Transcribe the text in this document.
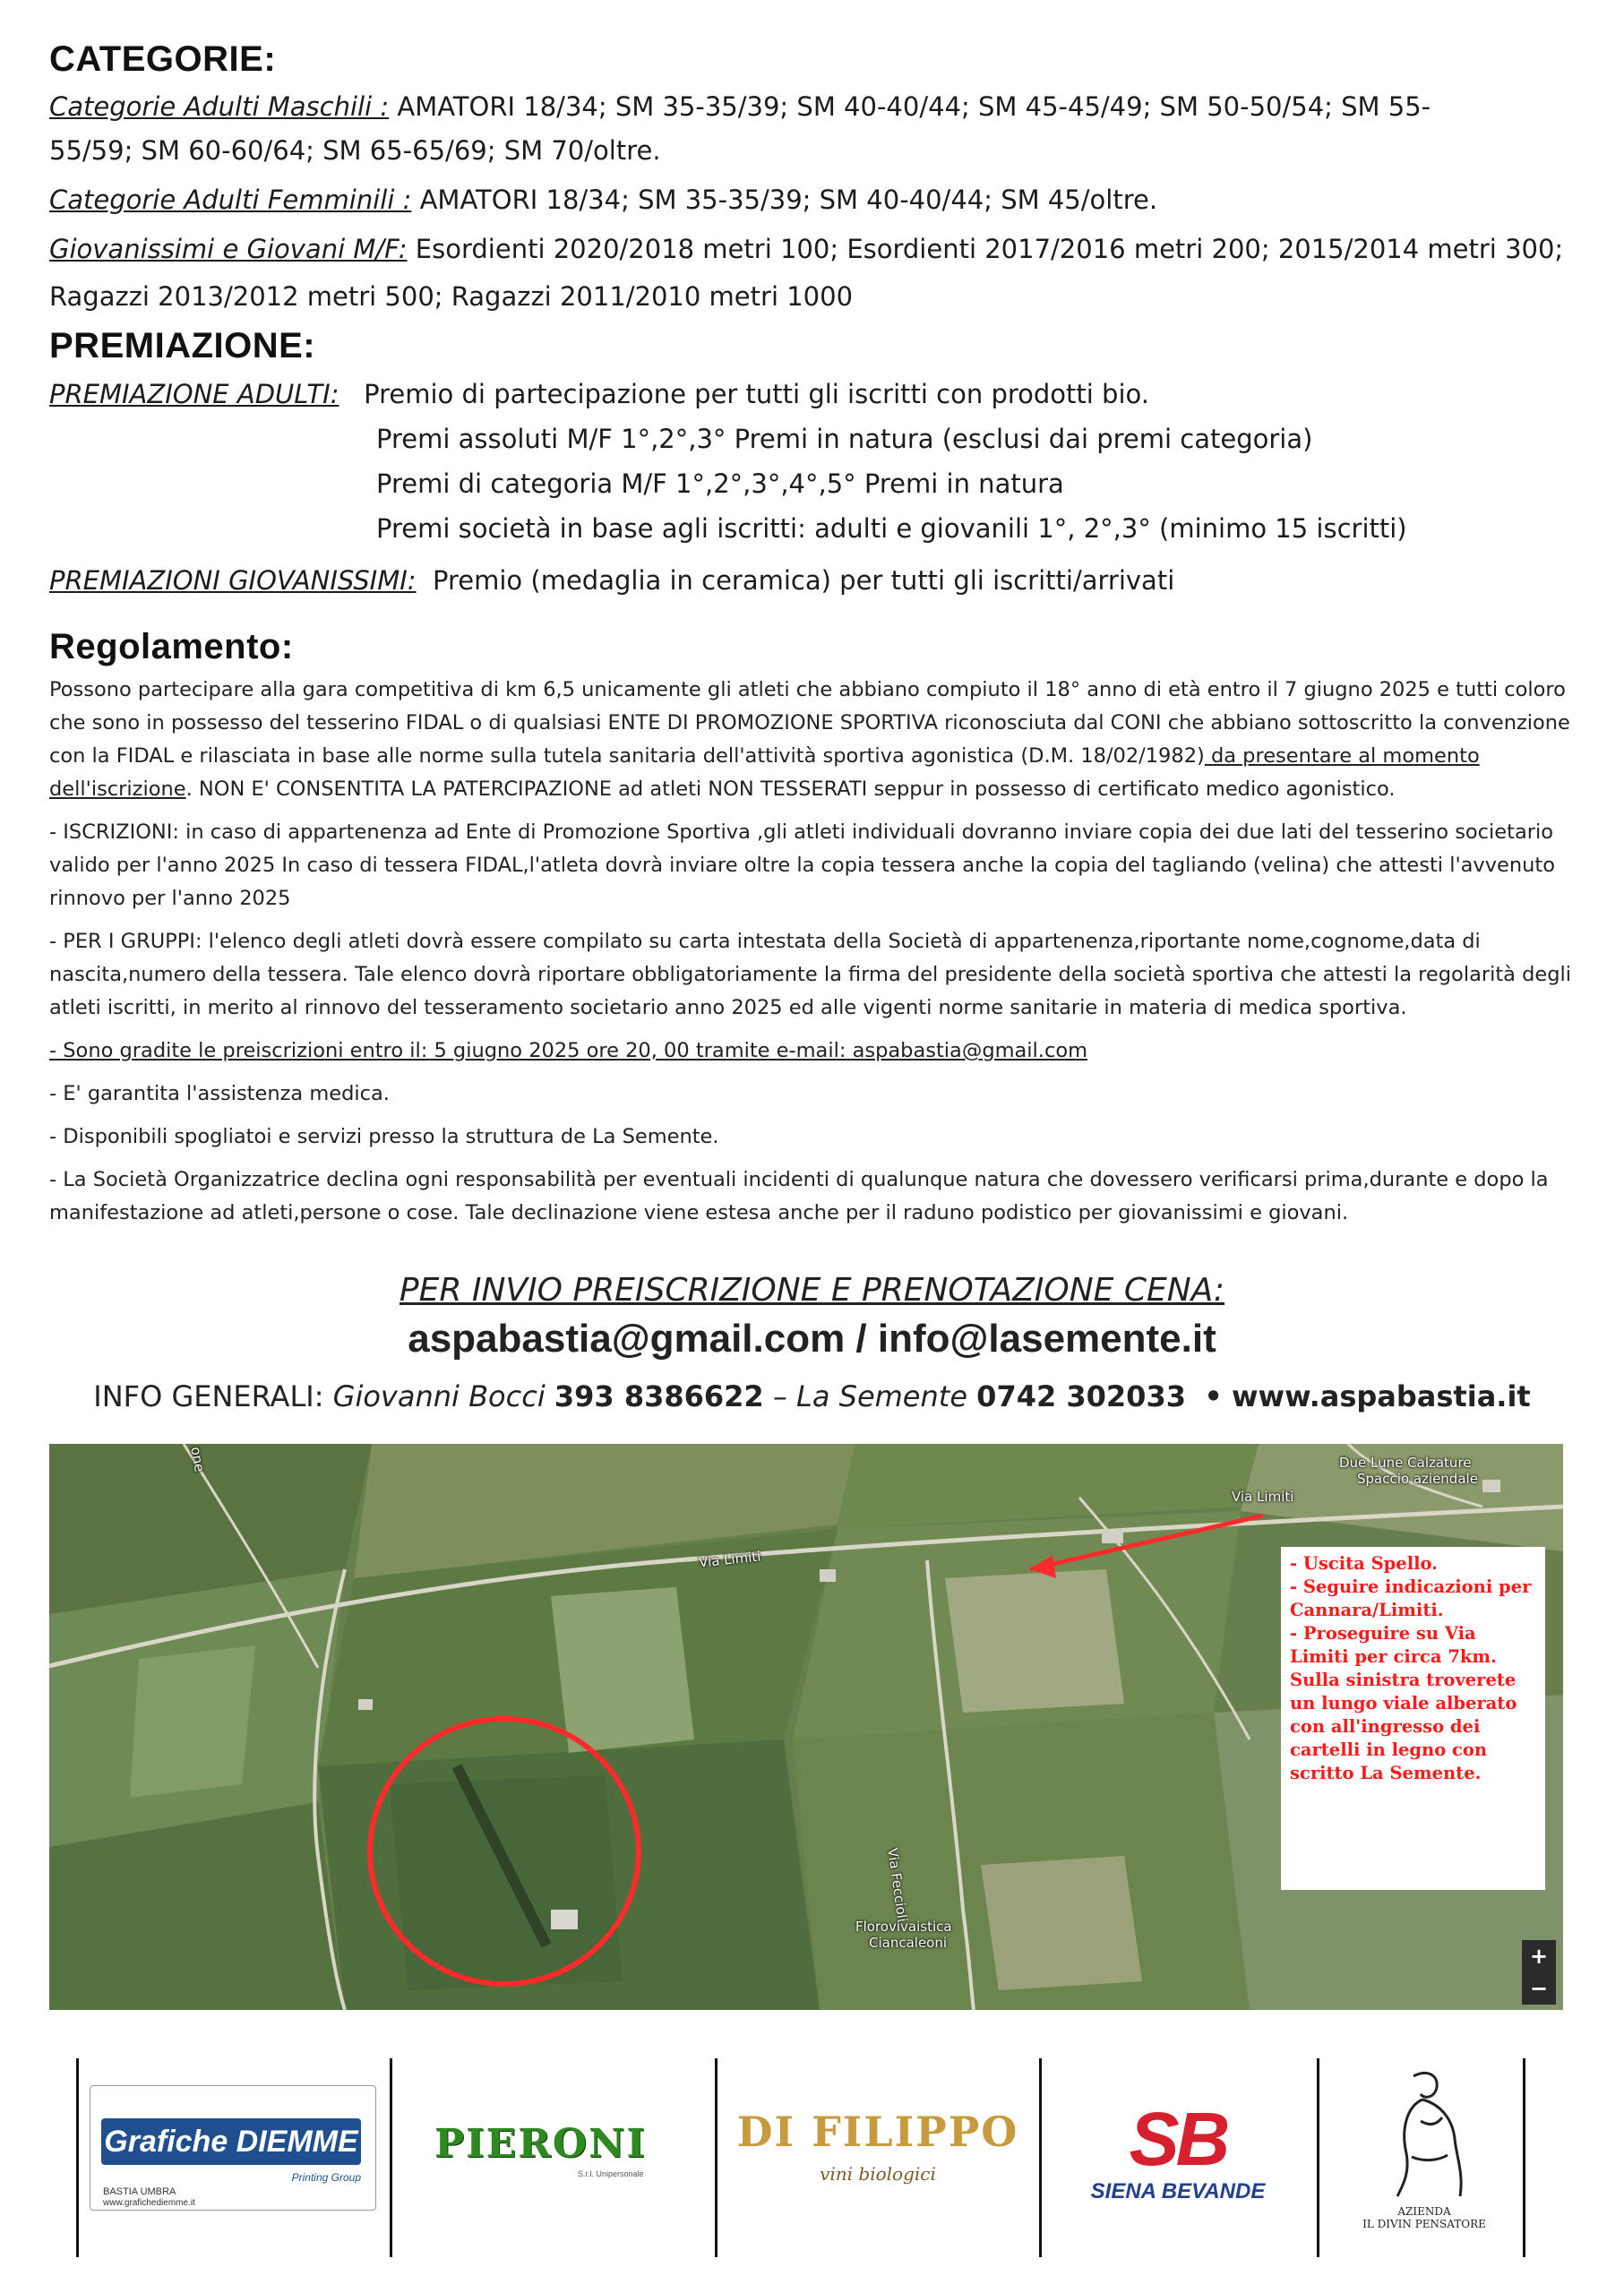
CATEGORIE:
Categorie Adulti Maschili : AMATORI 18/34; SM 35-35/39; SM 40-40/44; SM 45-45/49; SM 50-50/54; SM 55-
55/59; SM 60-60/64; SM 65-65/69; SM 70/oltre.
Categorie Adulti Femminili : AMATORI 18/34; SM 35-35/39; SM 40-40/44; SM 45/oltre.
Giovanissimi e Giovani M/F: Esordienti 2020/2018 metri 100; Esordienti 2017/2016 metri 200; 2015/2014 metri 300;
Ragazzi 2013/2012 metri 500; Ragazzi 2011/2010 metri 1000
PREMIAZIONE:
PREMIAZIONE ADULTI: Premio di partecipazione per tutti gli iscritti con prodotti bio.
Premi assoluti M/F 1°,2°,3° Premi in natura (esclusi dai premi categoria)
Premi di categoria M/F 1°,2°,3°,4°,5° Premi in natura
Premi società in base agli iscritti: adulti e giovanili 1°, 2°,3° (minimo 15 iscritti)
PREMIAZIONI GIOVANISSIMI: Premio (medaglia in ceramica) per tutti gli iscritti/arrivati
Regolamento:

Possono partecipare alla gara competitiva di km 6,5 unicamente gli atleti che abbiano compiuto il 18° anno di età entro il 7 giugno 2025 e tutti coloro che sono in possesso del tesserino FIDAL o di qualsiasi ENTE DI PROMOZIONE SPORTIVA riconosciuta dal CONI che abbiano sottoscritto la convenzione con la FIDAL e rilasciata in base alle norme sulla tutela sanitaria dell'attività sportiva agonistica (D.M. 18/02/1982) da presentare al momento dell'iscrizione. NON E' CONSENTITA LA PATERCIPAZIONE ad atleti NON TESSERATI seppur in possesso di certificato medico agonistico.

- ISCRIZIONI: in caso di appartenenza ad Ente di Promozione Sportiva ,gli atleti individuali dovranno inviare copia dei due lati del tesserino societario valido per l'anno 2025 In caso di tessera FIDAL,l'atleta dovrà inviare oltre la copia tessera anche la copia del tagliando (velina) che attesti l'avvenuto rinnovo per l'anno 2025

- PER I GRUPPI: l'elenco degli atleti dovrà essere compilato su carta intestata della Società di appartenenza,riportante nome,cognome,data di nascita,numero della tessera. Tale elenco dovrà riportare obbligatoriamente la firma del presidente della società sportiva che attesti la regolarità degli atleti iscritti, in merito al rinnovo del tesseramento societario anno 2025 ed alle vigenti norme sanitarie in materia di medica sportiva.

- Sono gradite le preiscrizioni entro il: 5 giugno 2025 ore 20, 00 tramite e-mail: aspabastia@gmail.com

- E' garantita l'assistenza medica.

- Disponibili spogliatoi e servizi presso la struttura de La Semente.

- La Società Organizzatrice declina ogni responsabilità per eventuali incidenti di qualunque natura che dovessero verificarsi prima,durante e dopo la manifestazione ad atleti,persone o cose. Tale declinazione viene estesa anche per il raduno podistico per giovanissimi e giovani.

PER INVIO PREISCRIZIONE E PRENOTAZIONE CENA:
aspabastia@gmail.com / info@lasemente.it
INFO GENERALI: Giovanni Bocci 393 8386622 – La Semente 0742 302033 • www.aspabastia.it
Via Limiti
Via Limiti
Due Lune Calzature
Spaccio aziendale
Via Feccioli
Florovivaistica
Ciancaleoni
one

- Uscita Spello.

- Seguire indicazioni per Cannara/Limiti.

- Proseguire su Via Limiti per circa 7km. Sulla sinistra troverete un lungo viale alberato con all'ingresso dei cartelli in legno con scritto La Semente.

+
−
Grafiche DIEMME
Printing Group
BASTIA UMBRA
www.grafichediemme.it
PIERONI
S.r.l. Unipersonale
DI FILIPPO
vini biologici	SB
SIENA BEVANDE
AZIENDA
IL DIVIN PENSATORE
